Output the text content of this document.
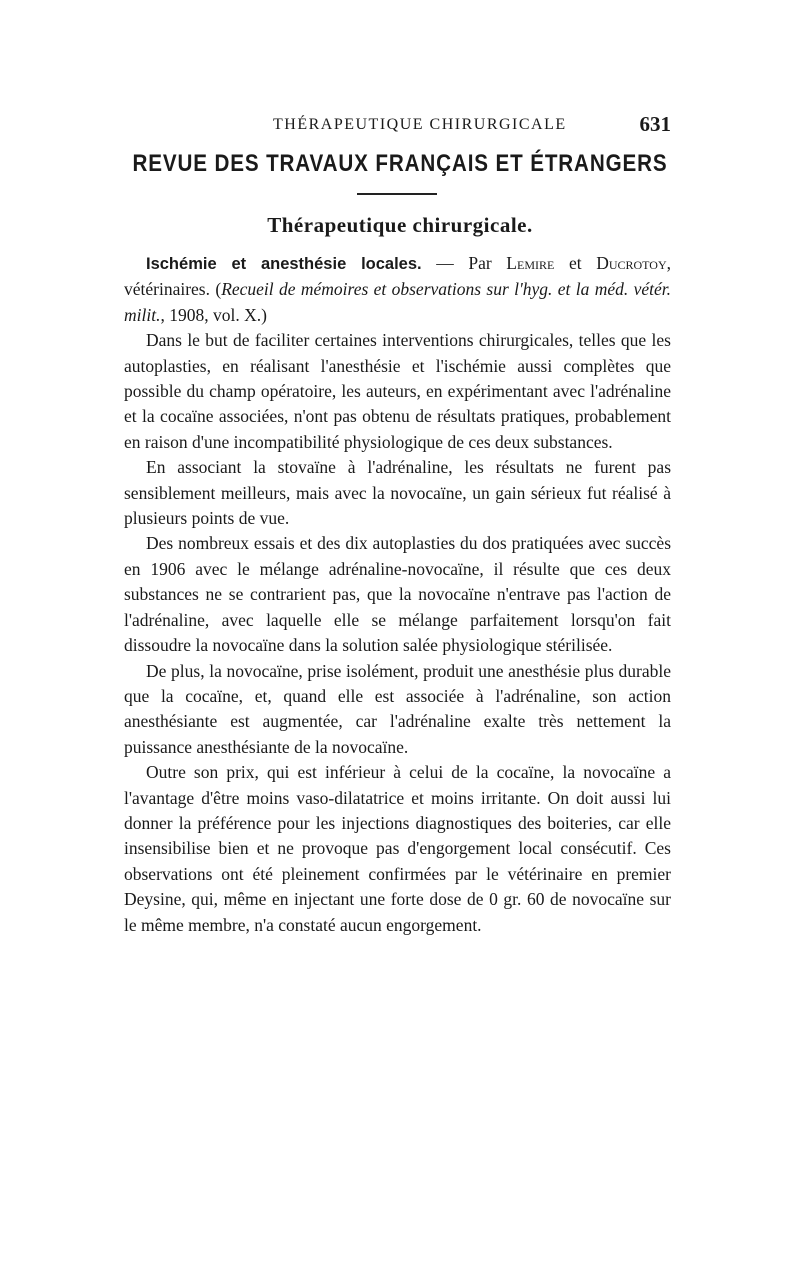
THÉRAPEUTIQUE CHIRURGICALE	631
REVUE DES TRAVAUX FRANÇAIS ET ÉTRANGERS
Thérapeutique chirurgicale.

Ischémie et anesthésie locales. — Par Lemire et Ducrotoy, vétérinaires. (Recueil de mémoires et observations sur l'hyg. et la méd. vétér. milit., 1908, vol. X.)

Dans le but de faciliter certaines interventions chirurgicales, telles que les autoplasties, en réalisant l'anesthésie et l'ischémie aussi complètes que possible du champ opératoire, les auteurs, en expérimentant avec l'adrénaline et la cocaïne associées, n'ont pas obtenu de résultats pratiques, probablement en raison d'une incompatibilité physiologique de ces deux substances.

En associant la stovaïne à l'adrénaline, les résultats ne furent pas sensiblement meilleurs, mais avec la novocaïne, un gain sérieux fut réalisé à plusieurs points de vue.

Des nombreux essais et des dix autoplasties du dos pratiquées avec succès en 1906 avec le mélange adrénaline-novocaïne, il résulte que ces deux substances ne se contrarient pas, que la novocaïne n'entrave pas l'action de l'adrénaline, avec laquelle elle se mélange parfaitement lorsqu'on fait dissoudre la novocaïne dans la solution salée physiologique stérilisée.

De plus, la novocaïne, prise isolément, produit une anesthésie plus durable que la cocaïne, et, quand elle est associée à l'adrénaline, son action anesthésiante est augmentée, car l'adrénaline exalte très nettement la puissance anesthésiante de la novocaïne.

Outre son prix, qui est inférieur à celui de la cocaïne, la novocaïne a l'avantage d'être moins vaso-dilatatrice et moins irritante. On doit aussi lui donner la préférence pour les injections diagnostiques des boiteries, car elle insensibilise bien et ne provoque pas d'engorgement local consécutif. Ces observations ont été pleinement confirmées par le vétérinaire en premier Deysine, qui, même en injectant une forte dose de 0 gr. 60 de novocaïne sur le même membre, n'a constaté aucun engorgement.
